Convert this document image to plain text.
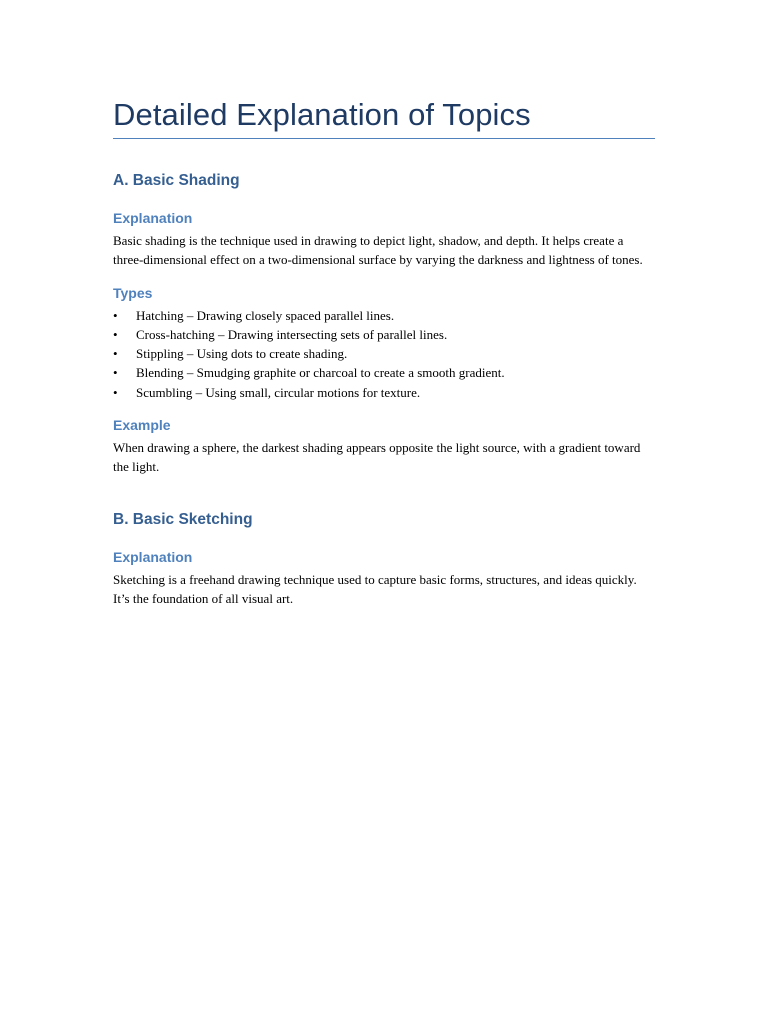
Detailed Explanation of Topics
A. Basic Shading
Explanation

Basic shading is the technique used in drawing to depict light, shadow, and depth. It helps create a three-dimensional effect on a two-dimensional surface by varying the darkness and lightness of tones.

Types
• Hatching – Drawing closely spaced parallel lines.
• Cross-hatching – Drawing intersecting sets of parallel lines.
• Stippling – Using dots to create shading.
• Blending – Smudging graphite or charcoal to create a smooth gradient.
• Scumbling – Using small, circular motions for texture.
Example

When drawing a sphere, the darkest shading appears opposite the light source, with a gradient toward the light.

B. Basic Sketching
Explanation

Sketching is a freehand drawing technique used to capture basic forms, structures, and ideas quickly. It’s the foundation of all visual art.
